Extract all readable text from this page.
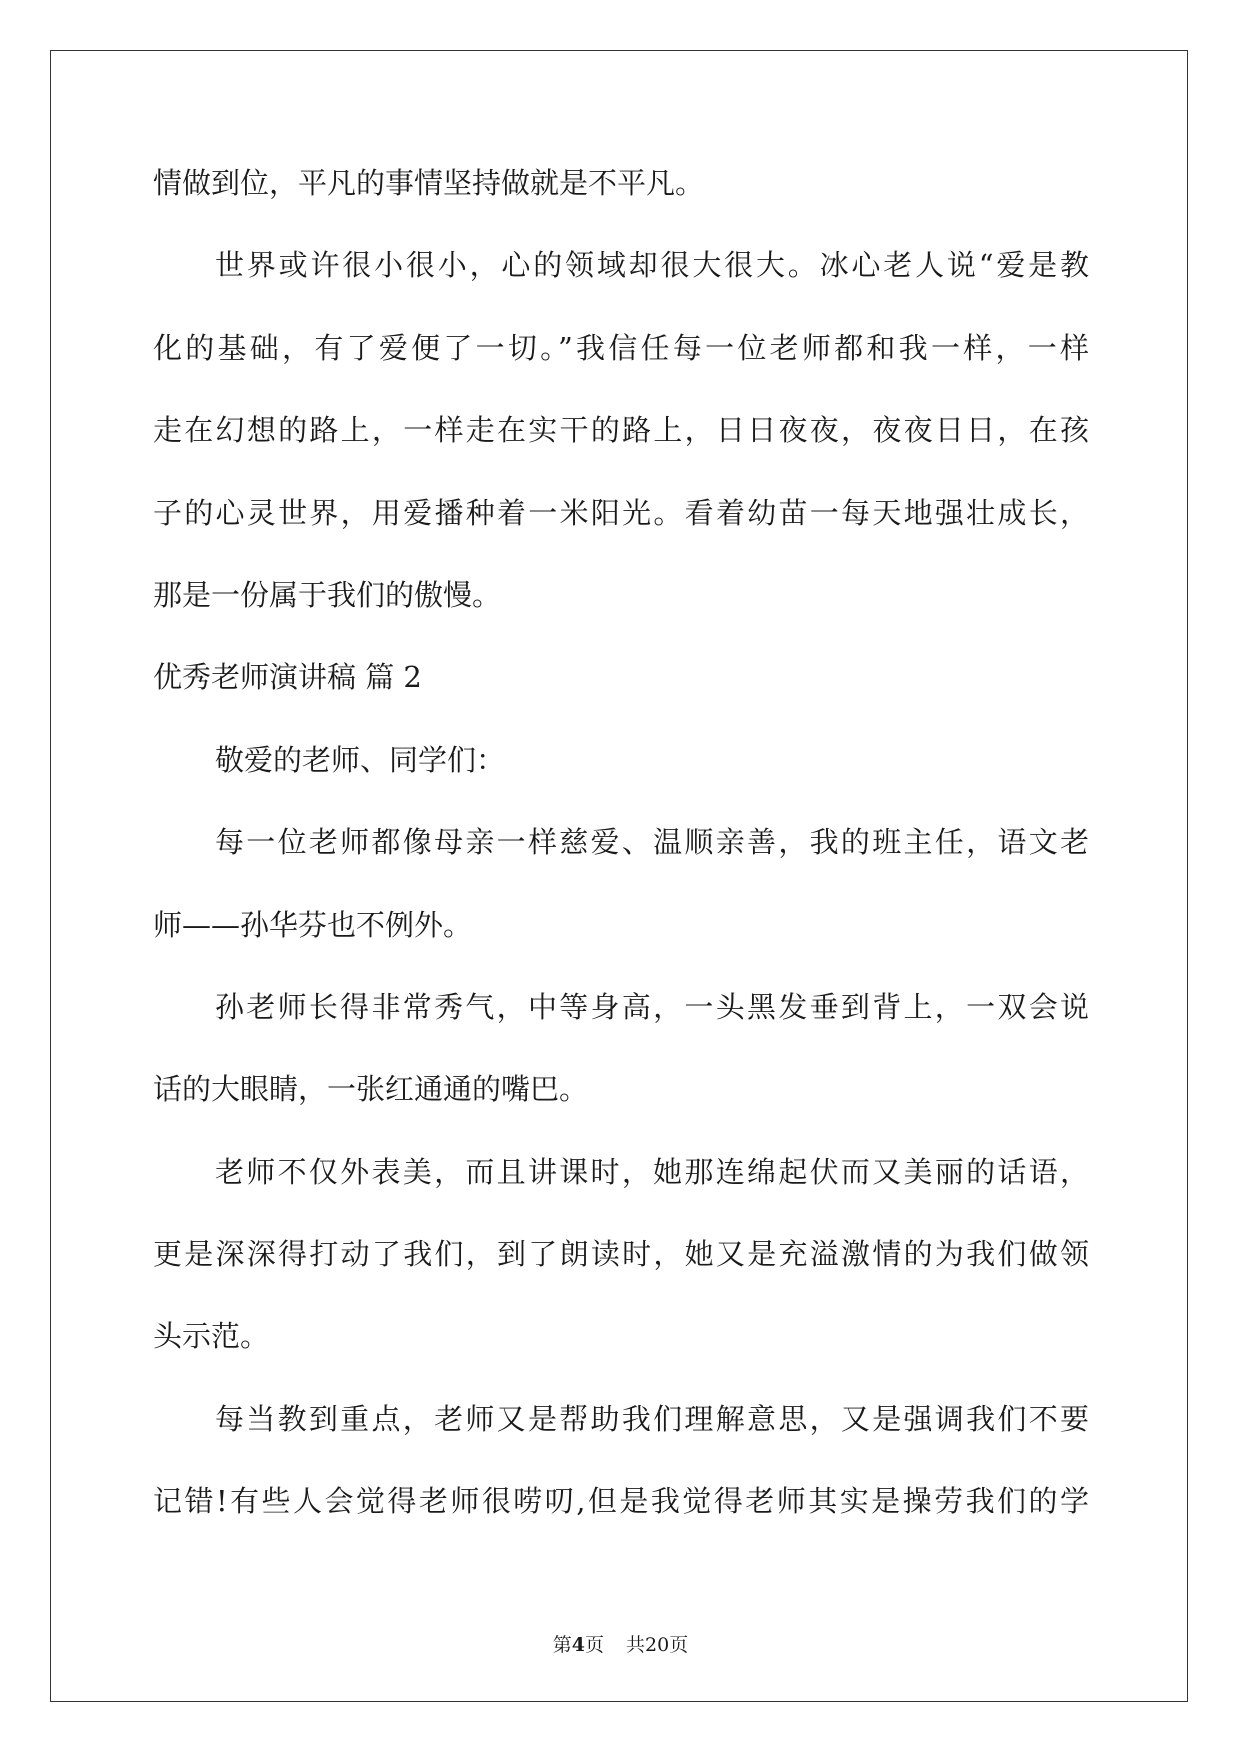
情做到位，平凡的事情坚持做就是不平凡。
世界或许很小很小，心的领域却很大很大。冰心老人说“爱是教
化的基础，有了爱便了一切。”我信任每一位老师都和我一样，一样
走在幻想的路上，一样走在实干的路上，日日夜夜，夜夜日日，在孩
子的心灵世界，用爱播种着一米阳光。看着幼苗一每天地强壮成长，
那是一份属于我们的傲慢。
优秀老师演讲稿 篇 2
敬爱的老师、同学们：
每一位老师都像母亲一样慈爱、温顺亲善，我的班主任，语文老
师——孙华芬也不例外。
孙老师长得非常秀气，中等身高，一头黑发垂到背上，一双会说
话的大眼睛，一张红通通的嘴巴。
老师不仅外表美，而且讲课时，她那连绵起伏而又美丽的话语，
更是深深得打动了我们，到了朗读时，她又是充溢激情的为我们做领
头示范。
每当教到重点，老师又是帮助我们理解意思，又是强调我们不要
记错!有些人会觉得老师很唠叨,但是我觉得老师其实是操劳我们的学
第4页 共20页
